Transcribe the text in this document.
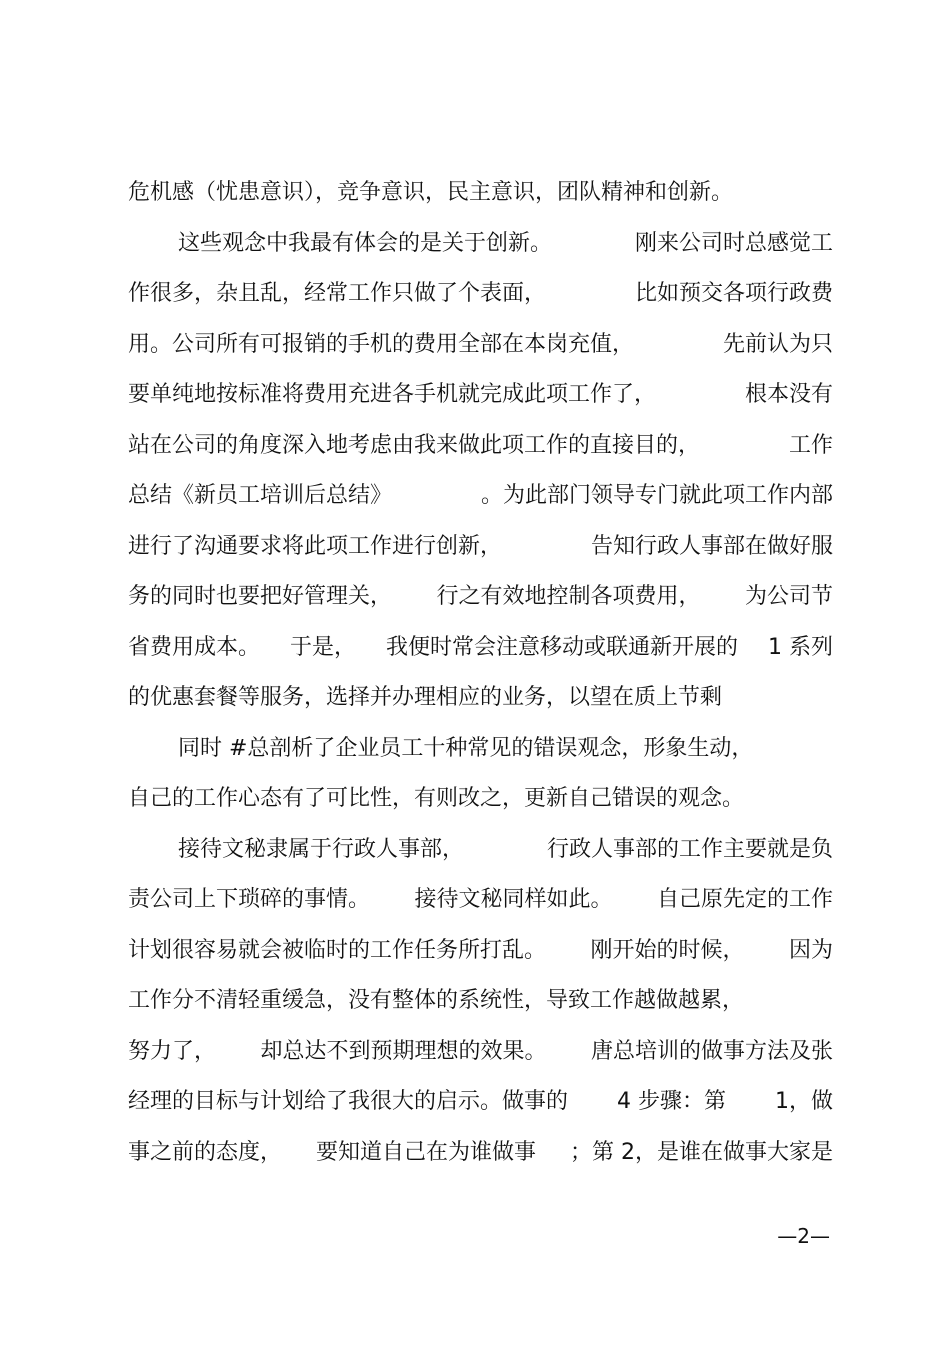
危机感（忧患意识），竞争意识，民主意识，团队精神和创新。
这些观念中我最有体会的是关于创新。	刚来公司时总感觉工
作很多，杂且乱，经常工作只做了个表面，	比如预交各项行政费
用。公司所有可报销的手机的费用全部在本岗充值，	先前认为只
要单纯地按标准将费用充进各手机就完成此项工作了，	根本没有
站在公司的角度深入地考虑由我来做此项工作的直接目的，	工作
总结《新员工培训后总结》	。为此部门领导专门就此项工作内部
进行了沟通要求将此项工作进行创新，	告知行政人事部在做好服
务的同时也要把好管理关， 行之有效地控制各项费用， 为公司节
省费用成本。 于是， 我便时常会注意移动或联通新开展的 1 系列
的优惠套餐等服务，选择并办理相应的业务，以望在质上节剩
同时 #总剖析了企业员工十种常见的错误观念，形象生动，
自己的工作心态有了可比性，有则改之，更新自己错误的观念。
接待文秘隶属于行政人事部，	行政人事部的工作主要就是负
责公司上下琐碎的事情。 接待文秘同样如此。 自己原先定的工作
计划很容易就会被临时的工作任务所打乱。 刚开始的时候， 因为
工作分不清轻重缓急，没有整体的系统性，导致工作越做越累，
努力了， 却总达不到预期理想的效果。 唐总培训的做事方法及张
经理的目标与计划给了我很大的启示。做事的 4 步骤：第 1，做
事之前的态度， 要知道自己在为谁做事 ；第 2，是谁在做事大家是
—2—
